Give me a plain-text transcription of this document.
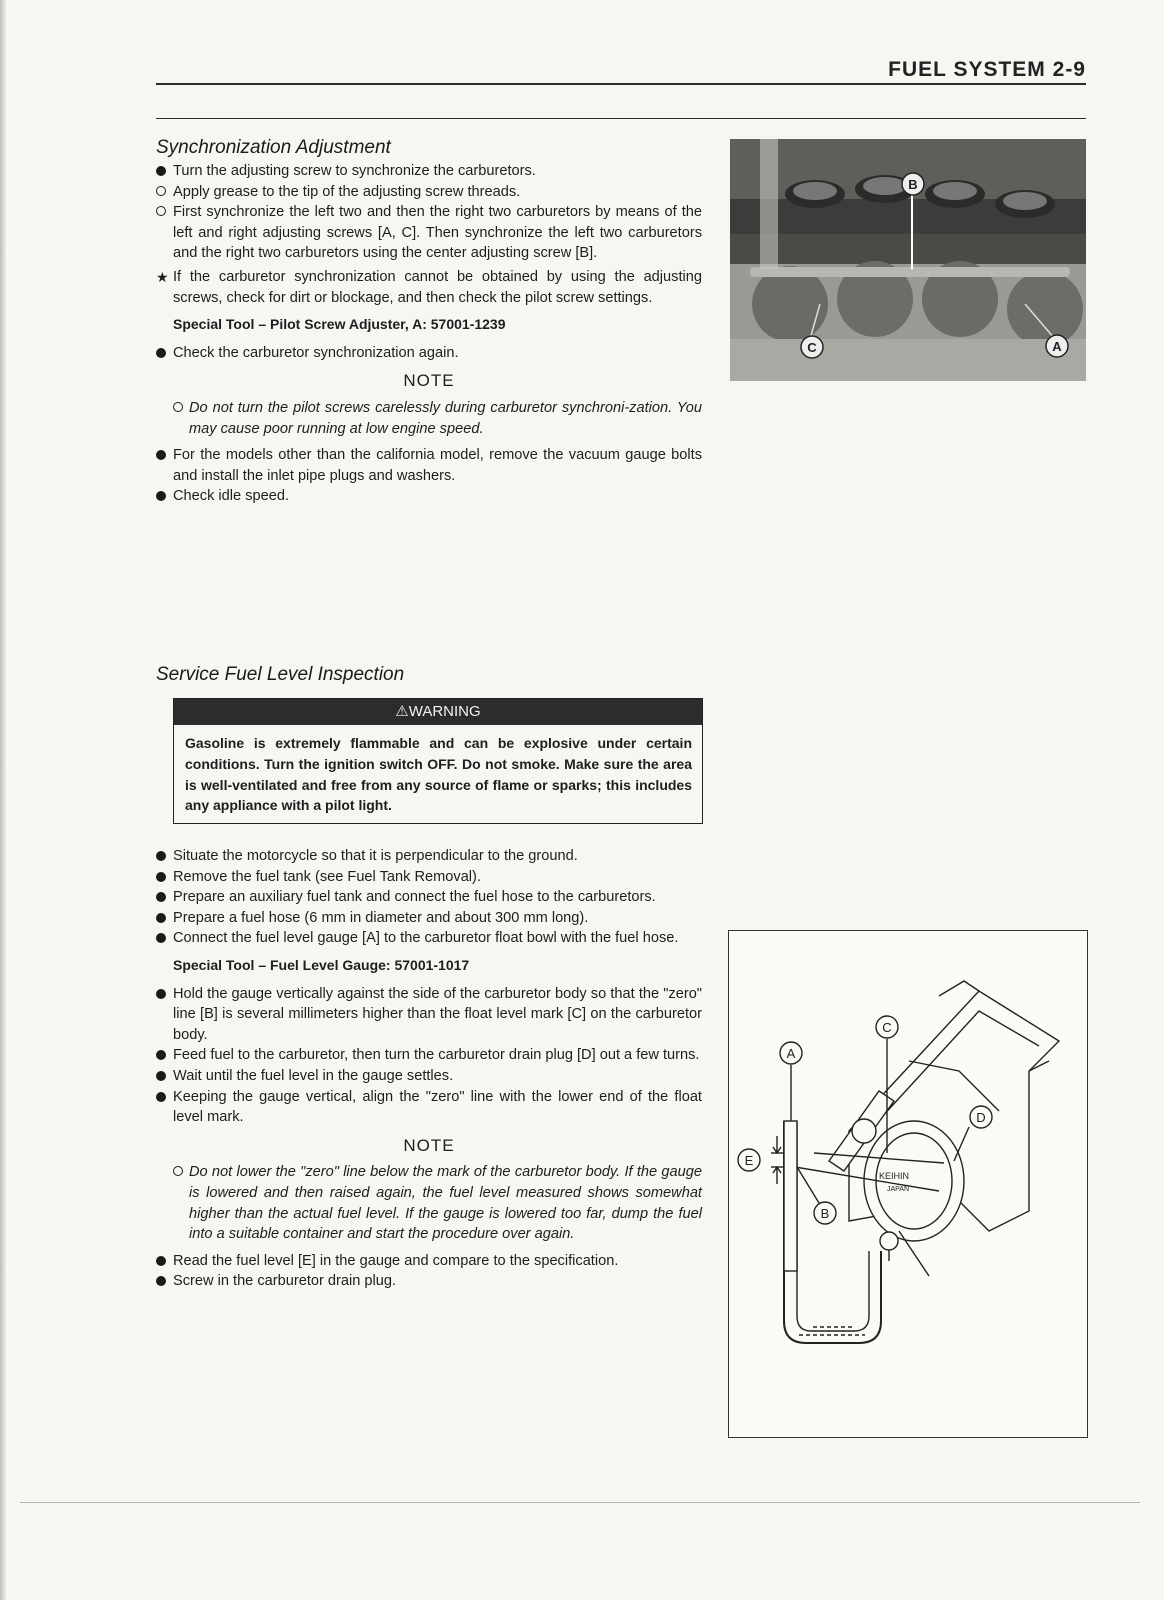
FUEL SYSTEM 2-9
Synchronization Adjustment

Turn the adjusting screw to synchronize the carburetors.

Apply grease to the tip of the adjusting screw threads.

First synchronize the left two and then the right two carburetors by means of the left and right adjusting screws [A, C]. Then synchronize the left two carburetors and the right two carburetors using the center adjusting screw [B].

★
If the carburetor synchronization cannot be obtained by using the adjusting screws, check for dirt or blockage, and then check the pilot screw settings.

Special Tool – Pilot Screw Adjuster, A: 57001-1239

Check the carburetor synchronization again.

NOTE

Do not turn the pilot screws carelessly during carburetor synchroni-zation. You may cause poor running at low engine speed.

For the models other than the california model, remove the vacuum gauge bolts and install the inlet pipe plugs and washers.

Check idle speed.

B
C	A
Service Fuel Level Inspection
⚠WARNING
Gasoline is extremely flammable and can be explosive under certain conditions. Turn the ignition switch OFF. Do not smoke. Make sure the area is well-ventilated and free from any source of flame or sparks; this includes any appliance with a pilot light.

Situate the motorcycle so that it is perpendicular to the ground.

Remove the fuel tank (see Fuel Tank Removal).

Prepare an auxiliary fuel tank and connect the fuel hose to the carburetors.

Prepare a fuel hose (6 mm in diameter and about 300 mm long).

Connect the fuel level gauge [A] to the carburetor float bowl with the fuel hose.

Special Tool – Fuel Level Gauge: 57001-1017

Hold the gauge vertically against the side of the carburetor body so that the "zero" line [B] is several millimeters higher than the float level mark [C] on the carburetor body.

Feed fuel to the carburetor, then turn the carburetor drain plug [D] out a few turns.

Wait until the fuel level in the gauge settles.

Keeping the gauge vertical, align the "zero" line with the lower end of the float level mark.

NOTE

Do not lower the "zero" line below the mark of the carburetor body. If the gauge is lowered and then raised again, the fuel level measured shows somewhat higher than the actual fuel level. If the gauge is lowered too far, dump the fuel into a suitable container and start the procedure over again.

Read the fuel level [E] in the gauge and compare to the specification.

Screw in the carburetor drain plug.

KEIHIN
JAPAN
A
C
D
E
B
